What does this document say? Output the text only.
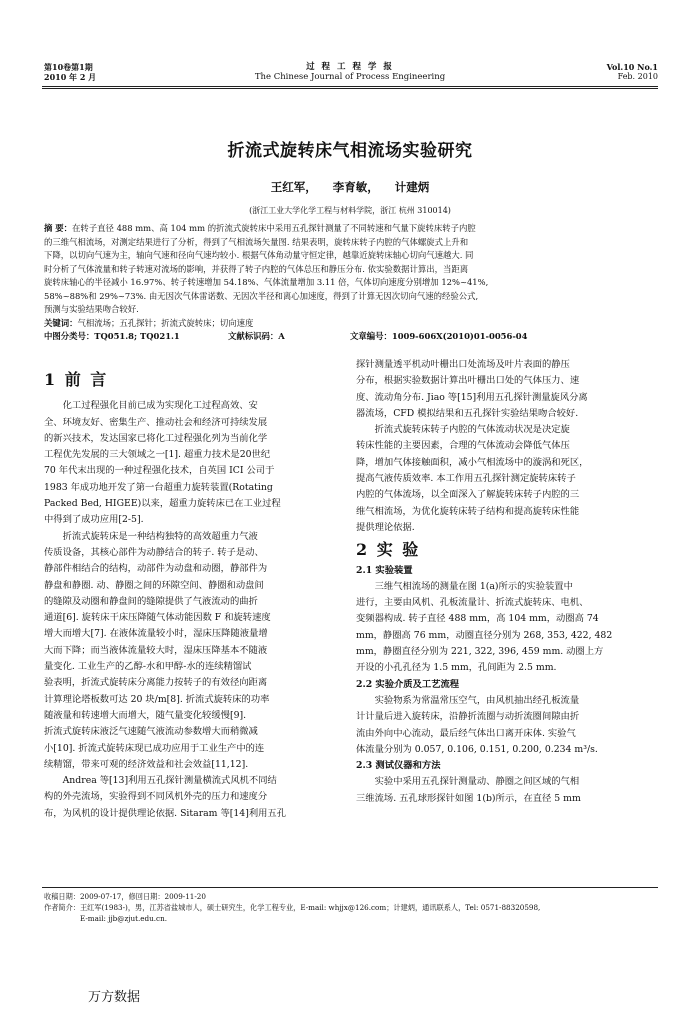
第10卷第1期
2010 年 2 月
过 程 工 程 学 报
The Chinese Journal of Process Engineering
Vol.10 No.1
Feb. 2010
折流式旋转床气相流场实验研究
王红军，    李育敏，    计建炳
(浙江工业大学化学工程与材料学院，浙江 杭州 310014)
摘 要：在转子直径 488 mm、高 104 mm 的折流式旋转床中采用五孔探针测量了不同转速和气量下旋转床转子内腔
的三维气相流场，对测定结果进行了分析，得到了气相流场矢量图. 结果表明，旋转床转子内腔的气体螺旋式上升和
下降，以切向气速为主，轴向气速和径向气速均较小. 根据气体角动量守恒定律，越靠近旋转床轴心切向气速越大. 同
时分析了气体流量和转子转速对流场的影响，并获得了转子内腔的气体总压和静压分布. 依实验数据计算出，当距离
旋转床轴心的半径减小 16.97%、转子转速增加 54.18%、气体流量增加 3.11 倍，气体切向速度分别增加 12%~41%,
58%~88%和 29%~73%. 由无因次气体雷诺数、无因次半径和离心加速度，得到了计算无因次切向气速的经验公式,
预测与实验结果吻合较好.
关键词：气相流场；五孔探针；折流式旋转床；切向速度
中图分类号：TQ051.8; TQ021.1	文献标识码：A	文章编号：1009-606X(2010)01-0056-04
1 前 言
化工过程强化目前已成为实现化工过程高效、安
全、环境友好、密集生产、推动社会和经济可持续发展
的新兴技术，发达国家已将化工过程强化列为当前化学
工程优先发展的三大领域之一[1]. 超重力技术是20世纪
70 年代末出现的一种过程强化技术，自英国 ICI 公司于
1983 年成功地开发了第一台超重力旋转装置(Rotating
Packed Bed, HIGEE)以来，超重力旋转床已在工业过程
中得到了成功应用[2-5].
折流式旋转床是一种结构独特的高效超重力气液
传质设备，其核心部件为动静结合的转子. 转子是动、
静部件相结合的结构，动部件为动盘和动圈，静部件为
静盘和静圈. 动、静圈之间的环隙空间、静圈和动盘间
的缝隙及动圈和静盘间的缝隙提供了气液流动的曲折
通道[6]. 旋转床干床压降随气体动能因数 F 和旋转速度
增大而增大[7]. 在液体流量较小时，湿床压降随液量增
大而下降；而当液体流量较大时，湿床压降基本不随液
量变化. 工业生产的乙醇-水和甲醇-水的连续精馏试
验表明，折流式旋转床分离能力按转子的有效径向距离
计算理论塔板数可达 20 块/m[8]. 折流式旋转床的功率
随液量和转速增大而增大，随气量变化较缓慢[9].
折流式旋转床液泛气速随气液流动参数增大而稍微减
小[10]. 折流式旋转床现已成功应用于工业生产中的连
续精馏，带来可观的经济效益和社会效益[11,12].
Andrea 等[13]利用五孔探针测量横流式风机不同结
构的外壳流场，实验得到不同风机外壳的压力和速度分
布，为风机的设计提供理论依据. Sitaram 等[14]利用五孔
探针测量透平机动叶栅出口处流场及叶片表面的静压
分布，根据实验数据计算出叶栅出口处的气体压力、速
度、流动角分布. Jiao 等[15]利用五孔探针测量旋风分离
器流场，CFD 模拟结果和五孔探针实验结果吻合较好.
折流式旋转床转子内腔的气体流动状况是决定旋
转床性能的主要因素，合理的气体流动会降低气体压
降，增加气体接触面积，减小气相流场中的漩涡和死区，
提高气液传质效率. 本工作用五孔探针测定旋转床转子
内腔的气体流场，以全面深入了解旋转床转子内腔的三
维气相流场，为优化旋转床转子结构和提高旋转床性能
提供理论依据.
2 实 验
2.1 实验装置
三维气相流场的测量在图 1(a)所示的实验装置中
进行，主要由风机、孔板流量计、折流式旋转床、电机、
变频器构成. 转子直径 488 mm，高 104 mm，动圈高 74
mm，静圈高 76 mm，动圈直径分别为 268, 353, 422, 482
mm，静圈直径分别为 221, 322, 396, 459 mm. 动圈上方
开设的小孔孔径为 1.5 mm，孔间距为 2.5 mm.
2.2 实验介质及工艺流程
实验物系为常温常压空气，由风机抽出经孔板流量
计计量后进入旋转床，沿静折流圈与动折流圈间隙由折
流由外向中心流动，最后经气体出口离开床体. 实验气
体流量分别为 0.057, 0.106, 0.151, 0.200, 0.234 m³/s.
2.3 测试仪器和方法
实验中采用五孔探针测量动、静圈之间区域的气相
三维流场. 五孔球形探针如图 1(b)所示，在直径 5 mm
收稿日期：2009-07-17，修回日期：2009-11-20
作者简介：王红军(1983-)，男，江苏省盐城市人，硕士研究生，化学工程专业，E-mail: whjjx@126.com；计建炳，通讯联系人，Tel: 0571-88320598,
E-mail: jjb@zjut.edu.cn.
万方数据
